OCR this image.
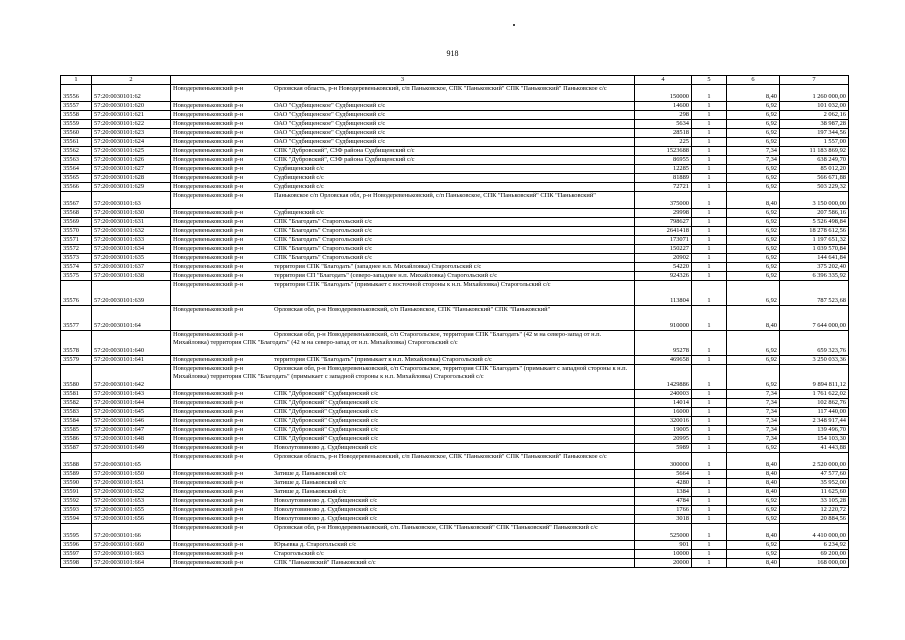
918
1	2	3	4	5	6	7
35556	57:20:0030101:62	Новодеревеньковский р-н Орловская область, р-н Новодеревеньковский, с/п Паньковское, СПК "Паньковский" СПК "Паньковский" Паньковское с/с	150000	1	8,40	1 260 000,00
35557	57:20:0030101:620	Новодеревеньковский р-н ОАО "Судбищенское" Судбищенский с/с	14600	1	6,92	101 032,00
35558	57:20:0030101:621	Новодеревеньковский р-н ОАО "Судбищенское" Судбищенский с/с	298	1	6,92	2 062,16
35559	57:20:0030101:622	Новодеревеньковский р-н ОАО "Судбищенское" Судбищенский с/с	5634	1	6,92	38 987,28
35560	57:20:0030101:623	Новодеревеньковский р-н ОАО "Судбищенское" Судбищенский с/с	28518	1	6,92	197 344,56
35561	57:20:0030101:624	Новодеревеньковский р-н ОАО "Судбищенское" Судбищенский с/с	225	1	6,92	1 557,00
35562	57:20:0030101:625	Новодеревеньковский р-н СПК "Дубровский", СЗФ района Судбищенский с/с	1523688	1	7,34	11 183 869,92
35563	57:20:0030101:626	Новодеревеньковский р-н СПК "Дубровский", СЗФ района Судбищенский с/с	86955	1	7,34	638 249,70
35564	57:20:0030101:627	Новодеревеньковский р-н Судбищенский с/с	12285	1	6,92	85 012,20
35565	57:20:0030101:628	Новодеревеньковский р-н Судбищенский с/с	81889	1	6,92	566 671,88
35566	57:20:0030101:629	Новодеревеньковский р-н Судбищенский с/с	72721	1	6,92	503 229,32
35567	57:20:0030101:63	Новодеревеньковский р-н Паньковское с/п Орловская обл, р-н Новодеревеньковский, с/п Паньковское, СПК "Паньковский" СПК "Паньковский"	375000	1	8,40	3 150 000,00
35568	57:20:0030101:630	Новодеревеньковский р-н Судбищенский с/с	29998	1	6,92	207 586,16
35569	57:20:0030101:631	Новодеревеньковский р-н СПК "Благодать" Старогольский с/с	798627	1	6,92	5 526 498,84
35570	57:20:0030101:632	Новодеревеньковский р-н СПК "Благодать" Старогольский с/с	2641418	1	6,92	18 278 612,56
35571	57:20:0030101:633	Новодеревеньковский р-н СПК "Благодать" Старогольский с/с	173071	1	6,92	1 197 651,32
35572	57:20:0030101:634	Новодеревеньковский р-н СПК "Благодать" Старогольский с/с	150227	1	6,92	1 039 570,84
35573	57:20:0030101:635	Новодеревеньковский р-н СПК "Благодать" Старогольский с/с	20902	1	6,92	144 641,84
35574	57:20:0030101:637	Новодеревеньковский р-н территория СПК "Благодать" (западнее н.п. Михайловка) Старогольский с/с	54220	1	6,92	375 202,40
35575	57:20:0030101:638	Новодеревеньковский р-н территория СП "Благодать" (северо-западнее н.п. Михайловка) Старогольский с/с	924326	1	6,92	6 396 335,92
35576	57:20:0030101:639	Новодеревеньковский р-н территория СПК "Благодать" (примыкает с восточной стороны к н.п. Михайловка) Старогольский с/с	113804	1	6,92	787 523,68
35577	57:20:0030101:64	Новодеревеньковский р-н Орловская обл, р-н Новодеревеньковский, с/п Паньковское, СПК "Паньковский" СПК "Паньковский"	910000	1	8,40	7 644 000,00
35578	57:20:0030101:640	Новодеревеньковский р-н Орловская обл, р-н Новодеревеньковский, с/п Старогольское, территория СПК "Благодать" (42 м на северо-запад от н.п. Михайловка) территория СПК "Благодать" (42 м на северо-запад от н.п. Михайловка) Старогольский с/с	95278	1	6,92	659 323,76
35579	57:20:0030101:641	Новодеревеньковский р-н территория СПК "Благодать" (примыкает к н.п. Михайловка) Старогольский с/с	469658	1	6,92	3 250 033,36
35580	57:20:0030101:642	Новодеревеньковский р-н Орловская обл, р-н Новодеревеньковский, с/п Старогольское, территория СПК "Благодать" (примыкает с западной стороны к н.п. Михайловка) территория СПК "Благодать" (примыкает с западной стороны к н.п. Михайловка) Старогольский с/с	1429886	1	6,92	9 894 811,12
35581	57:20:0030101:643	Новодеревеньковский р-н СПК "Дубровский" Судбищенский с/с	240003	1	7,34	1 761 622,02
35582	57:20:0030101:644	Новодеревеньковский р-н СПК "Дубровский" Судбищенский с/с	14014	1	7,34	102 862,76
35583	57:20:0030101:645	Новодеревеньковский р-н СПК "Дубровский" Судбищенский с/с	16000	1	7,34	117 440,00
35584	57:20:0030101:646	Новодеревеньковский р-н СПК "Дубровский" Судбищенский с/с	320016	1	7,34	2 348 917,44
35585	57:20:0030101:647	Новодеревеньковский р-н СПК "Дубровский" Судбищенский с/с	19005	1	7,34	139 496,70
35586	57:20:0030101:648	Новодеревеньковский р-н СПК "Дубровский" Судбищенский с/с	20995	1	7,34	154 103,30
35587	57:20:0030101:649	Новодеревеньковский р-н Новолутовиново д. Судбищенский с/с	5989	1	6,92	41 443,88
35588	57:20:0030101:65	Новодеревеньковский р-н Орловская область, р-н Новодеревеньковский, с/п Паньковское, СПК "Паньковский" СПК "Паньковский" Паньковское с/с	300000	1	8,40	2 520 000,00
35589	57:20:0030101:650	Новодеревеньковский р-н Затише д. Паньковский с/с	5664	1	8,40	47 577,60
35590	57:20:0030101:651	Новодеревеньковский р-н Затише д. Паньковский с/с	4280	1	8,40	35 952,00
35591	57:20:0030101:652	Новодеревеньковский р-н Затише д. Паньковский с/с	1384	1	8,40	11 625,60
35592	57:20:0030101:653	Новодеревеньковский р-н Новолутовиново д. Судбищенский с/с	4784	1	6,92	33 105,28
35593	57:20:0030101:655	Новодеревеньковский р-н Новолутовиново д. Судбищенский с/с	1766	1	6,92	12 220,72
35594	57:20:0030101:656	Новодеревеньковский р-н Новолутовиново д. Судбищенский с/с	3018	1	6,92	20 884,56
35595	57:20:0030101:66	Новодеревеньковский р-н Орловская обл, р-н Новодеревеньковский, с/п. Паньковское, СПК "Паньковский" СПК "Паньковский" Паньковский с/с	525000	1	8,40	4 410 000,00
35596	57:20:0030101:660	Новодеревеньковский р-н Юрьевка д. Старогольский с/с	901	1	6,92	6 234,92
35597	57:20:0030101:663	Новодеревеньковский р-н Старогольский с/с	10000	1	6,92	69 200,00
35598	57:20:0030101:664	Новодеревеньковский р-н СПК "Паньковский" Паньковский с/с	20000	1	8,40	168 000,00
